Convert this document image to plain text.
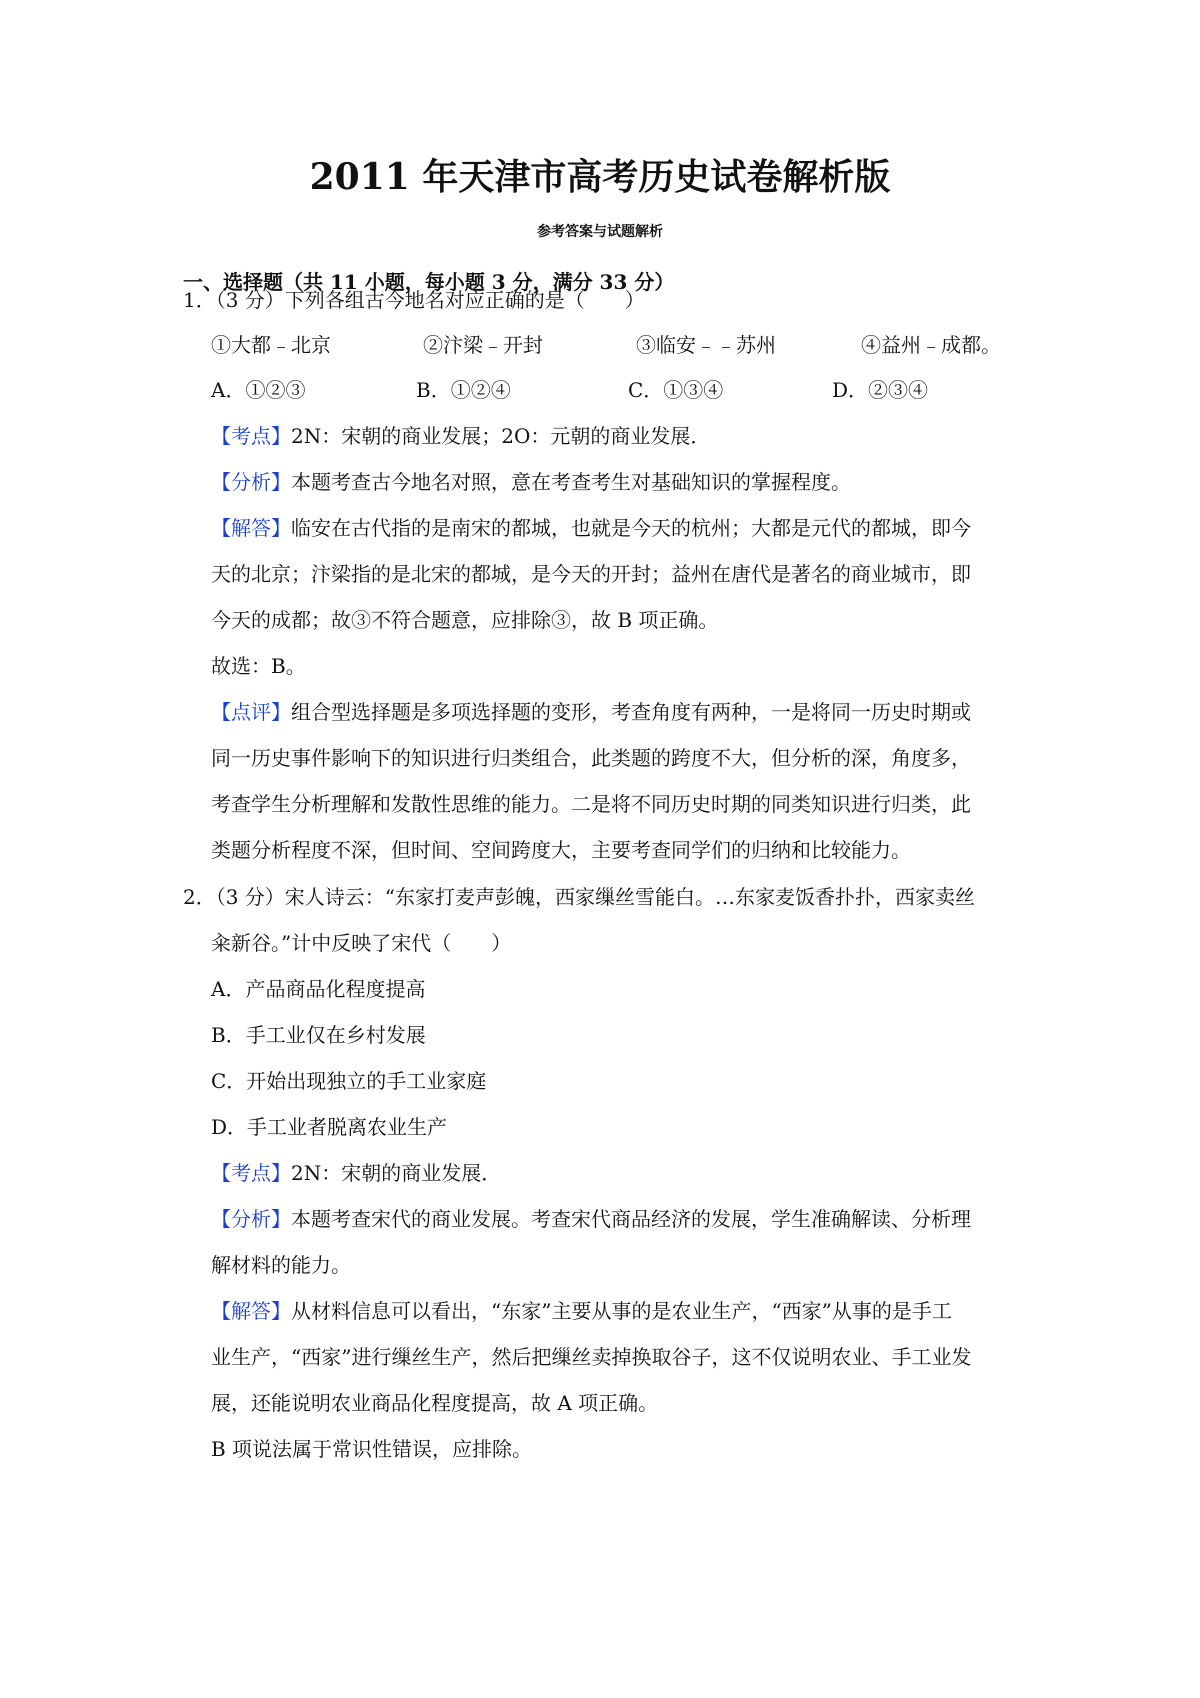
2011 年天津市高考历史试卷解析版
参考答案与试题解析
一、选择题（共 11 小题，每小题 3 分，满分 33 分）
1．（3 分）下列各组古今地名对应正确的是（　　）
①大都﹣北京	②汴梁﹣开封	③临安﹣﹣苏州	④益州﹣成都。
A．①②③	B．①②④	C．①③④	D．②③④
【考点】2N：宋朝的商业发展；2O：元朝的商业发展．
【分析】本题考查古今地名对照，意在考查考生对基础知识的掌握程度。
【解答】临安在古代指的是南宋的都城，也就是今天的杭州；大都是元代的都城，即今
天的北京；汴梁指的是北宋的都城，是今天的开封；益州在唐代是著名的商业城市，即
今天的成都；故③不符合题意，应排除③，故 B 项正确。
故选：B。
【点评】组合型选择题是多项选择题的变形，考查角度有两种，一是将同一历史时期或
同一历史事件影响下的知识进行归类组合，此类题的跨度不大，但分析的深，角度多，
考查学生分析理解和发散性思维的能力。二是将不同历史时期的同类知识进行归类，此
类题分析程度不深，但时间、空间跨度大，主要考查同学们的归纳和比较能力。
2．（3 分）宋人诗云：“东家打麦声彭魄，西家缫丝雪能白。…东家麦饭香扑扑，西家卖丝
籴新谷。”计中反映了宋代（　　）
A．产品商品化程度提高
B．手工业仅在乡村发展
C．开始出现独立的手工业家庭
D．手工业者脱离农业生产
【考点】2N：宋朝的商业发展．
【分析】本题考查宋代的商业发展。考查宋代商品经济的发展，学生准确解读、分析理
解材料的能力。
【解答】从材料信息可以看出，“东家”主要从事的是农业生产，“西家”从事的是手工
业生产，“西家”进行缫丝生产，然后把缫丝卖掉换取谷子，这不仅说明农业、手工业发
展，还能说明农业商品化程度提高，故 A 项正确。
B 项说法属于常识性错误，应排除。
